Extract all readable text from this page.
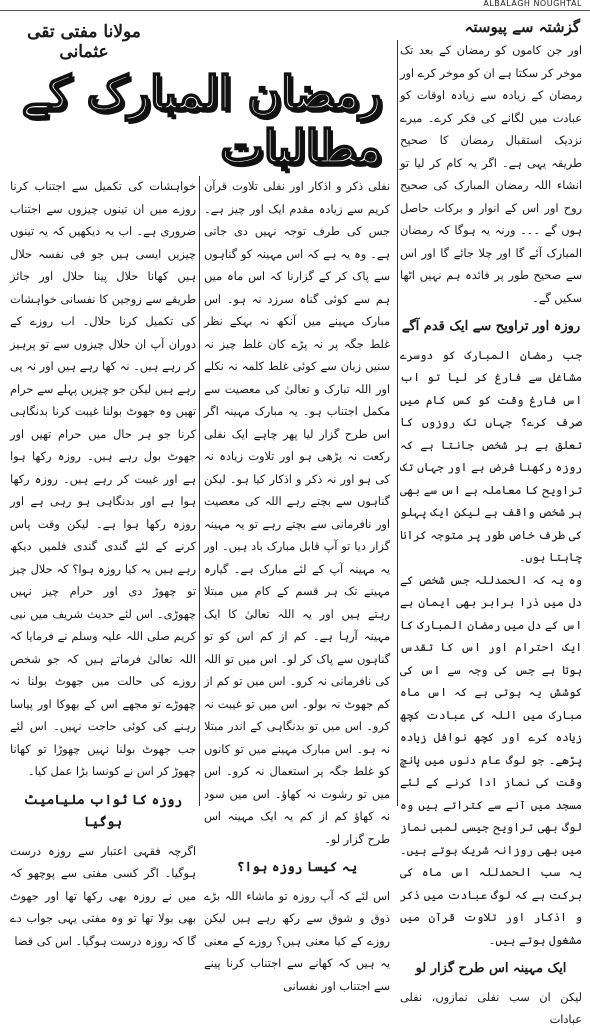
ALBALAGH NOUGHTAL
گزشتہ سے پیوستہ
مولانا مفتی تقی عثمانی
رمضان المبارک کے مطالبات

اور جن کاموں کو رمضان کے بعد تک موخر کر سکتا ہے ان کو موخر کرے اور رمضان کے زیادہ سے زیادہ اوقات کو عبادت میں لگانے کی فکر کرے۔ میرے نزدیک استقبال رمضان کا صحیح طریقہ یہی ہے۔ اگر یہ کام کر لیا تو انشاء اللہ رمضان المبارک کی صحیح روح اور اس کے انوار و برکات حاصل ہوں گے ۔۔۔ ورنہ یہ ہوگا کہ رمضان المبارک آئے گا اور چلا جائے گا اور اس سے صحیح طور پر فائدہ ہم نہیں اٹھا سکیں گے۔

روزہ اور تراویح سے ایک قدم آگے

جب رمضان المبارک کو دوسرے مشاغل سے فارغ کر لیا تو اب اس فارغ وقت کو کس کام میں صرف کرے؟ جہاں تک روزوں کا تعلق ہے ہر شخص جانتا ہے کہ روزہ رکھنا فرض ہے اور جہاں تک تراویح کا معاملہ ہے اس سے بھی ہر شخص واقف ہے لیکن ایک پہلو کی طرف خاص طور پر متوجہ کرانا چاہتا ہوں۔

وہ یہ کہ الحمدللہ جس شخص کے دل میں ذرا برابر بھی ایمان ہے اس کے دل میں رمضان المبارک کا ایک احترام اور اس کا تقدس ہوتا ہے جس کی وجہ سے اس کی کوشش یہ ہوتی ہے کہ اس ماہ مبارک میں اللہ کی عبادت کچھ زیادہ کرے اور کچھ نوافل زیادہ پڑھے۔ جو لوگ عام دنوں میں پانچ وقت کی نماز ادا کرنے کے لئے مسجد میں آنے سے کتراتے ہیں وہ لوگ بھی تراویح جیسی لمبی نماز میں بھی روزانہ شریک ہوتے ہیں۔ یہ سب الحمدللہ اس ماہ کی برکت ہے کہ لوگ عبادت میں ذکر و اذکار اور تلاوت قرآن میں مشغول ہوتے ہیں۔

ایک مہینہ اس طرح گزار لو

لیکن ان سب نفلی نمازوں، نفلی عبادات

نفلی ذکر و اذکار اور نفلی تلاوت قرآن کریم سے زیادہ مقدم ایک اور چیز ہے۔ جس کی طرف توجہ نہیں دی جاتی ہے۔ وہ یہ ہے کہ اس مہینہ کو گناہوں سے پاک کر کے گزارنا کہ اس ماہ میں ہم سے کوئی گناہ سرزد نہ ہو۔ اس مبارک مہینے میں آنکھ نہ بہکے نظر غلط جگہ پر نہ پڑے کان غلط چیز نہ سنیں زبان سے کوئی غلط کلمہ نہ نکلے اور اللہ تبارک و تعالیٰ کی معصیت سے مکمل اجتناب ہو۔ یہ مبارک مہینہ اگر اس طرح گزار لیا پھر چاہے ایک نفلی رکعت نہ پڑھی ہو اور تلاوت زیادہ نہ کی ہو اور نہ ذکر و اذکار کیا ہو۔ لیکن گناہوں سے بچتے رہے اللہ کی معصیت اور نافرمانی سے بچتے رہے تو یہ مہینہ گزار دیا تو آپ قابل مبارک باد ہیں۔ اور یہ مہینہ آپ کے لئے مبارک ہے۔ گیارہ مہینے تک ہر قسم کے کام میں مبتلا رہتے ہیں اور یہ اللہ تعالیٰ کا ایک مہینہ آرہا ہے۔ کم از کم اس کو تو گناہوں سے پاک کر لو۔ اس میں تو اللہ کی نافرمانی نہ کرو۔ اس میں تو کم از کم جھوٹ نہ بولو۔ اس میں تو غیبت نہ کرو۔ اس میں تو بدنگاہی کے اندر مبتلا نہ ہو۔ اس مبارک مہینے میں تو کانوں کو غلط جگہ پر استعمال نہ کرو۔ اس میں تو رشوت نہ کھاؤ۔ اس میں سود نہ کھاؤ کم از کم یہ ایک مہینہ اس طرح گزار لو۔

یہ کیسا روزہ ہوا؟

اس لئے کہ آپ روزہ تو ماشاء اللہ بڑے ذوق و شوق سے رکھ رہے ہیں لیکن روزے کے کیا معنی ہیں؟ روزے کے معنی یہ ہیں کہ کھانے سے اجتناب کرنا پینے سے اجتناب اور نفسانی

خواہشات کی تکمیل سے اجتناب کرنا روزے میں ان تینوں چیزوں سے اجتناب ضروری ہے۔ اب یہ دیکھیں کہ یہ تینوں چیزیں ایسی ہیں جو فی نفسہ حلال ہیں کھانا حلال پینا حلال اور جائز طریقے سے زوجین کا نفسانی خواہشات کی تکمیل کرنا حلال۔ اب روزے کے دوران آپ ان حلال چیزوں سے تو پرہیز کر رہے ہیں۔ نہ کھا رہے ہیں اور نہ پی رہے ہیں لیکن جو چیزیں پہلے سے حرام تھیں وہ جھوٹ بولنا غیبت کرنا بدنگاہی کرنا جو ہر حال میں حرام تھیں اور جھوٹ بول رہے ہیں۔ روزہ رکھا ہوا ہے اور غیبت کر رہے ہیں۔ روزہ رکھا ہوا ہے اور بدنگاہی ہو رہی ہے اور روزہ رکھا ہوا ہے۔ لیکن وقت پاس کرنے کے لئے گندی گندی فلمیں دیکھ رہے ہیں یہ کیا روزہ ہوا؟ کہ حلال چیز تو چھوڑ دی اور حرام چیز نہیں چھوڑی۔ اس لئے حدیث شریف میں نبی کریم صلی اللہ علیہ وسلم نے فرمایا کہ اللہ تعالیٰ فرماتے ہیں کہ جو شخص روزے کی حالت میں جھوٹ بولنا نہ چھوڑے تو مجھے اس کے بھوکا اور پیاسا رہنے کی کوئی حاجت نہیں۔ اس لئے جب جھوٹ بولنا نہیں چھوڑا تو کھانا چھوڑ کر اس نے کونسا بڑا عمل کیا۔

روزہ کا ثواب ملیامیٹ ہوگیا

اگرچہ فقہی اعتبار سے روزہ درست ہوگیا۔ اگر کسی مفتی سے پوچھو کہ میں نے روزہ بھی رکھا تھا اور جھوٹ بھی بولا تھا تو وہ مفتی یہی جواب دے گا کہ روزہ درست ہوگیا۔ اس کی قضا
